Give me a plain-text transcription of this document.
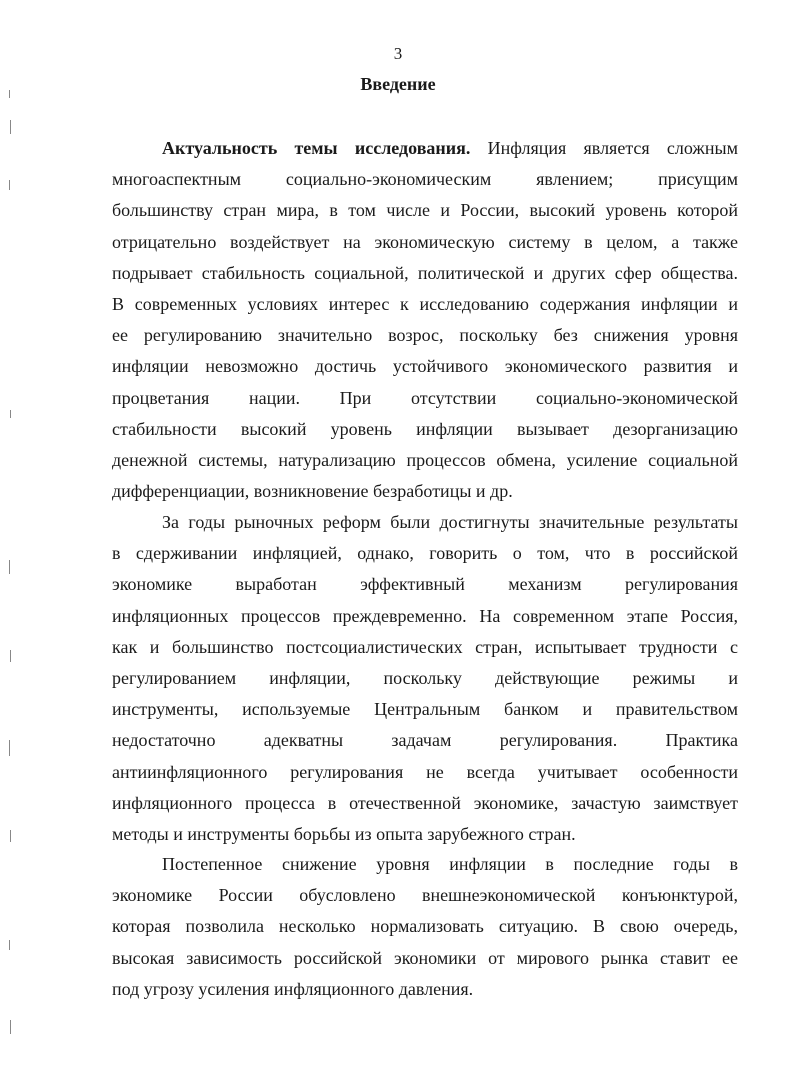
3
Введение
Актуальность темы исследования. Инфляция является сложным
многоаспектным социально-экономическим явлением; присущим
большинству стран мира, в том числе и России, высокий уровень которой
отрицательно воздействует на экономическую систему в целом, а также
подрывает стабильность социальной, политической и других сфер общества.
В современных условиях интерес к исследованию содержания инфляции и
ее регулированию значительно возрос, поскольку без снижения уровня
инфляции невозможно достичь устойчивого экономического развития и
процветания нации. При отсутствии социально-экономической
стабильности высокий уровень инфляции вызывает дезорганизацию
денежной системы, натурализацию процессов обмена, усиление социальной
дифференциации, возникновение безработицы и др.
За годы рыночных реформ были достигнуты значительные результаты
в сдерживании инфляцией, однако, говорить о том, что в российской
экономике выработан эффективный механизм регулирования
инфляционных процессов преждевременно. На современном этапе Россия,
как и большинство постсоциалистических стран, испытывает трудности с
регулированием инфляции, поскольку действующие режимы и
инструменты, используемые Центральным банком и правительством
недостаточно адекватны задачам регулирования. Практика
антиинфляционного регулирования не всегда учитывает особенности
инфляционного процесса в отечественной экономике, зачастую заимствует
методы и инструменты борьбы из опыта зарубежного стран.
Постепенное снижение уровня инфляции в последние годы в
экономике России обусловлено внешнеэкономической конъюнктурой,
которая позволила несколько нормализовать ситуацию. В свою очередь,
высокая зависимость российской экономики от мирового рынка ставит ее
под угрозу усиления инфляционного давления.
